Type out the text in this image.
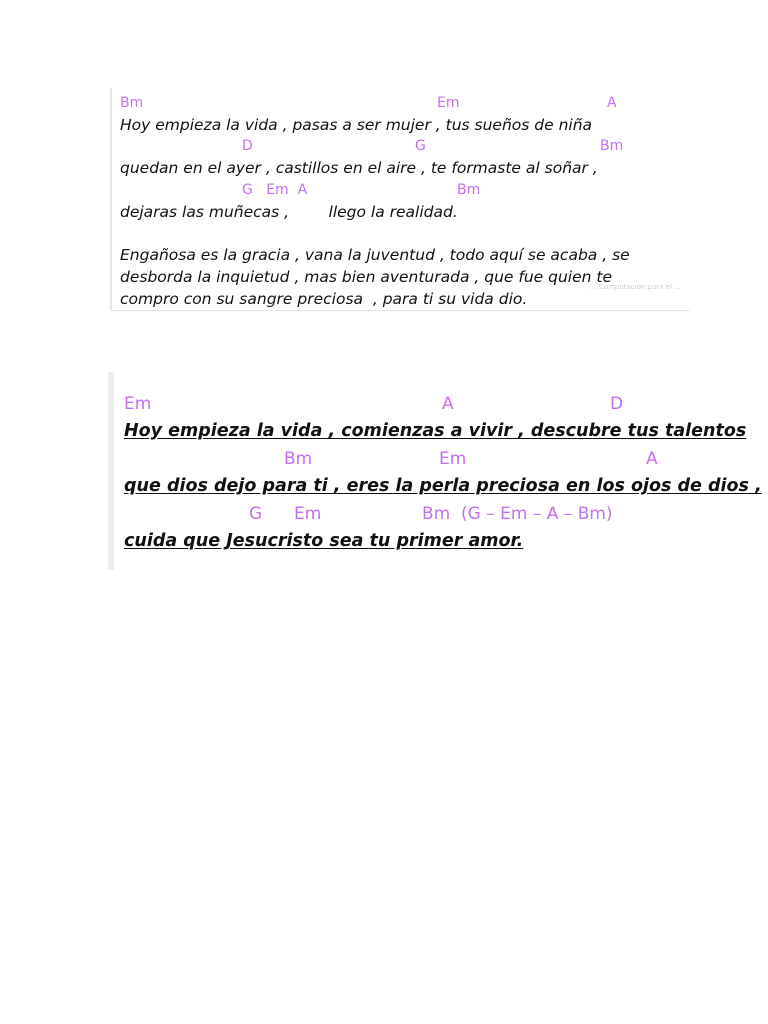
Bm	Em	A
Hoy empieza la vida , pasas a ser mujer , tus sueños de niña
D	G	Bm
quedan en el ayer , castillos en el aire , te formaste al soñar ,
G   Em  A	Bm
dejaras las muñecas ,        llego la realidad.
Engañosa es la gracia , vana la juventud , todo aquí se acaba , se
desborda la inquietud , mas bien aventurada , que fue quien te
compro con su sangre preciosa  , para ti su vida dio.
... Computación para el ...
Em	A	D
Hoy empieza la vida , comienzas a vivir , descubre tus talentos
Bm	Em	A
que dios dejo para ti , eres la perla preciosa en los ojos de dios ,
G Em	Bm  (G – Em – A – Bm)
cuida que Jesucristo sea tu primer amor.
